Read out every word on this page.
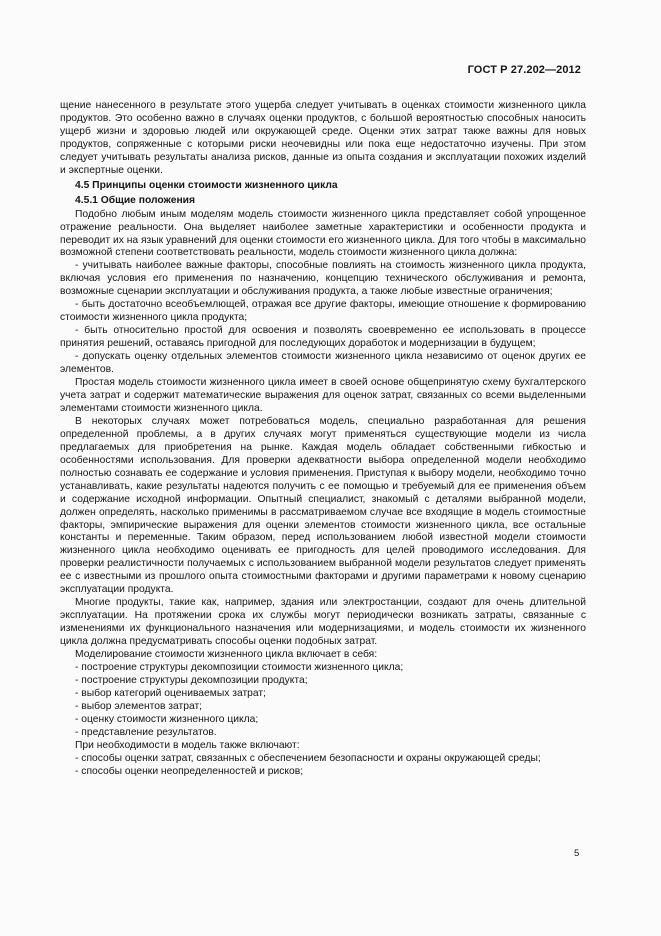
ГОСТ Р 27.202—2012

щение нанесенного в результате этого ущерба следует учитывать в оценках стоимости жизненного цикла продуктов. Это особенно важно в случаях оценки продуктов, с большой вероятностью способных наносить ущерб жизни и здоровью людей или окружающей среде. Оценки этих затрат также важны для новых продуктов, сопряженные с которыми риски неочевидны или пока еще недостаточно изучены. При этом следует учитывать результаты анализа рисков, данные из опыта создания и эксплуатации похожих изделий и экспертные оценки.

4.5 Принципы оценки стоимости жизненного цикла

4.5.1 Общие положения

Подобно любым иным моделям модель стоимости жизненного цикла представляет собой упрощенное отражение реальности. Она выделяет наиболее заметные характеристики и особенности продукта и переводит их на язык уравнений для оценки стоимости его жизненного цикла. Для того чтобы в максимально возможной степени соответствовать реальности, модель стоимости жизненного цикла должна:

- учитывать наиболее важные факторы, способные повлиять на стоимость жизненного цикла продукта, включая условия его применения по назначению, концепцию технического обслуживания и ремонта, возможные сценарии эксплуатации и обслуживания продукта, а также любые известные ограничения;

- быть достаточно всеобъемлющей, отражая все другие факторы, имеющие отношение к формированию стоимости жизненного цикла продукта;

- быть относительно простой для освоения и позволять своевременно ее использовать в процессе принятия решений, оставаясь пригодной для последующих доработок и модернизации в будущем;

- допускать оценку отдельных элементов стоимости жизненного цикла независимо от оценок других ее элементов.

Простая модель стоимости жизненного цикла имеет в своей основе общепринятую схему бухгалтерского учета затрат и содержит математические выражения для оценок затрат, связанных со всеми выделенными элементами стоимости жизненного цикла.

В некоторых случаях может потребоваться модель, специально разработанная для решения определенной проблемы, а в других случаях могут применяться существующие модели из числа предлагаемых для приобретения на рынке. Каждая модель обладает собственными гибкостью и особенностями использования. Для проверки адекватности выбора определенной модели необходимо полностью сознавать ее содержание и условия применения. Приступая к выбору модели, необходимо точно устанавливать, какие результаты надеются получить с ее помощью и требуемый для ее применения объем и содержание исходной информации. Опытный специалист, знакомый с деталями выбранной модели, должен определять, насколько применимы в рассматриваемом случае все входящие в модель стоимостные факторы, эмпирические выражения для оценки элементов стоимости жизненного цикла, все остальные константы и переменные. Таким образом, перед использованием любой известной модели стоимости жизненного цикла необходимо оценивать ее пригодность для целей проводимого исследования. Для проверки реалистичности получаемых с использованием выбранной модели результатов следует применять ее с известными из прошлого опыта стоимостными факторами и другими параметрами к новому сценарию эксплуатации продукта.

Многие продукты, такие как, например, здания или электростанции, создают для очень длительной эксплуатации. На протяжении срока их службы могут периодически возникать затраты, связанные с изменениями их функционального назначения или модернизациями, и модель стоимости их жизненного цикла должна предусматривать способы оценки подобных затрат.

Моделирование стоимости жизненного цикла включает в себя:

- построение структуры декомпозиции стоимости жизненного цикла;

- построение структуры декомпозиции продукта;

- выбор категорий оцениваемых затрат;

- выбор элементов затрат;

- оценку стоимости жизненного цикла;

- представление результатов.

При необходимости в модель также включают:

- способы оценки затрат, связанных с обеспечением безопасности и охраны окружающей среды;

- способы оценки неопределенностей и рисков;

5
